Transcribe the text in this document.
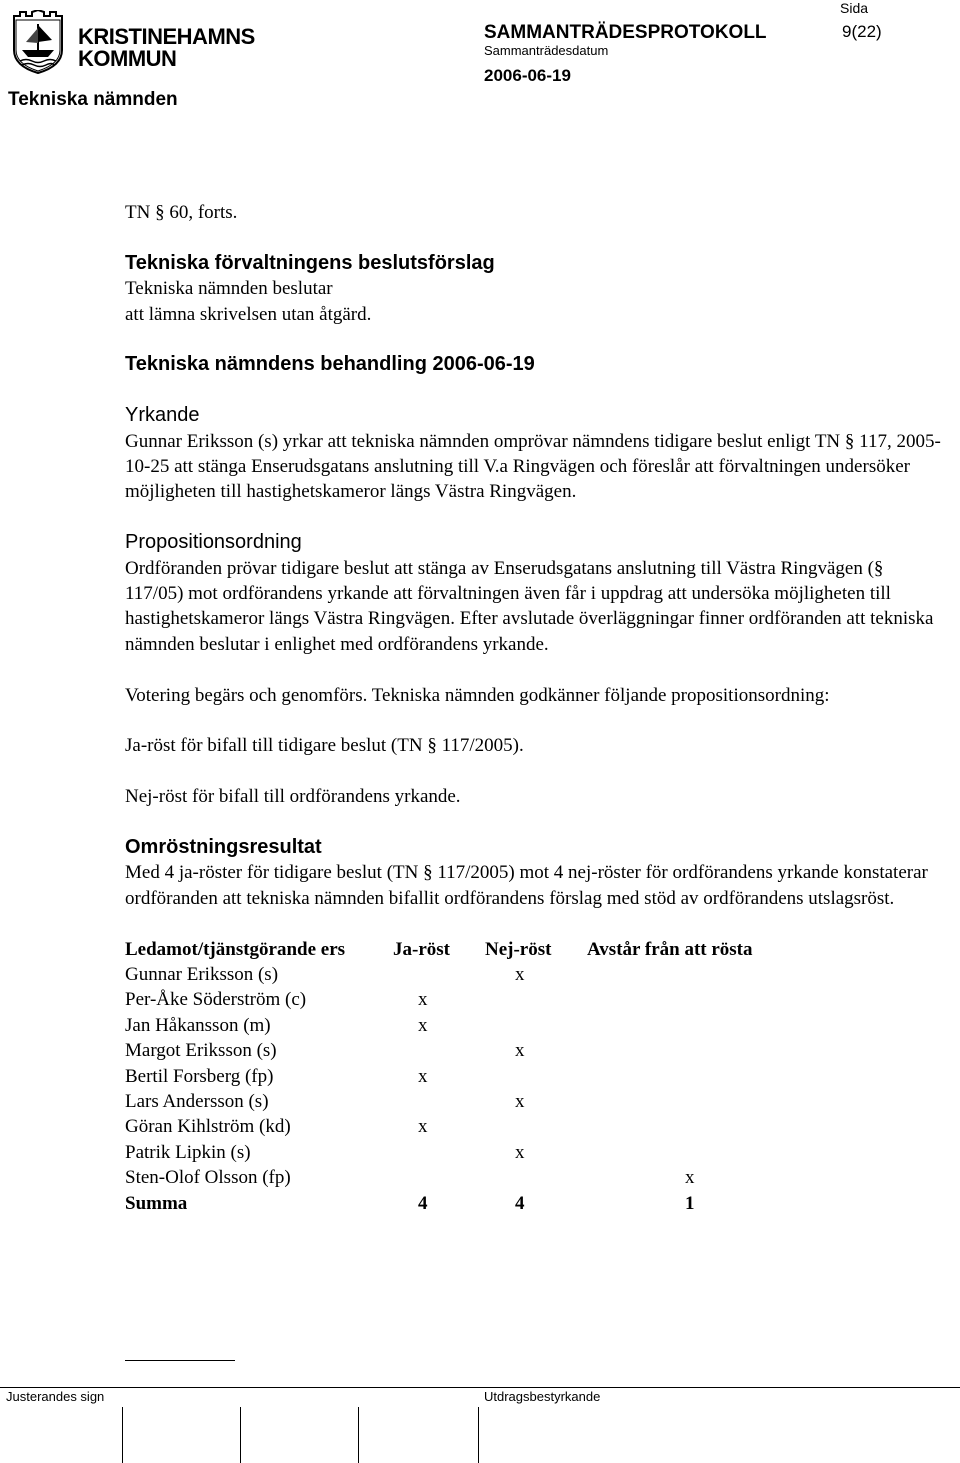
KRISTINEHAMNS
KOMMUN
Tekniska nämnden
SAMMANTRÄDESPROTOKOLL
Sida
9(22)
Sammanträdesdatum
2006-06-19

TN § 60, forts.

Tekniska förvaltningens beslutsförslag

Tekniska nämnden beslutar

att lämna skrivelsen utan åtgärd.

Tekniska nämndens behandling 2006-06-19

Yrkande

Gunnar Eriksson (s) yrkar att tekniska nämnden omprövar nämndens tidigare beslut enligt TN § 117, 2005-10-25 att stänga Enserudsgatans anslutning till V.a Ringvägen och föreslår att förvaltningen undersöker möjligheten till hastighetskameror längs Västra Ringvägen.

Propositionsordning

Ordföranden prövar tidigare beslut att stänga av Enserudsgatans anslutning till Västra Ringvägen (§ 117/05) mot ordförandens yrkande att förvaltningen även får i uppdrag att undersöka möjligheten till hastighetskameror längs Västra Ringvägen. Efter avslutade överläggningar finner ordföranden att tekniska nämnden beslutar i enlighet med ordförandens yrkande.

Votering begärs och genomförs. Tekniska nämnden godkänner följande propositionsordning:

Ja-röst för bifall till tidigare beslut (TN § 117/2005).

Nej-röst för bifall till ordförandens yrkande.

Omröstningsresultat

Med 4 ja-röster för tidigare beslut (TN § 117/2005) mot 4 nej-röster för ordförandens yrkande konstaterar ordföranden att tekniska nämnden bifallit ordförandens förslag med stöd av ordförandens utslagsröst.

Ledamot/tjänstgörande ers	Ja-röst	Nej-röst	Avstår från att rösta
Gunnar Eriksson (s)		x	
Per-Åke Söderström (c)	x		
Jan Håkansson (m)	x		
Margot Eriksson (s)		x	
Bertil Forsberg (fp)	x		
Lars Andersson (s)		x	
Göran Kihlström (kd)	x		
Patrik Lipkin (s)		x	
Sten-Olof Olsson (fp)			x
Summa	4	4	1
Justerandes sign	Utdragsbestyrkande
